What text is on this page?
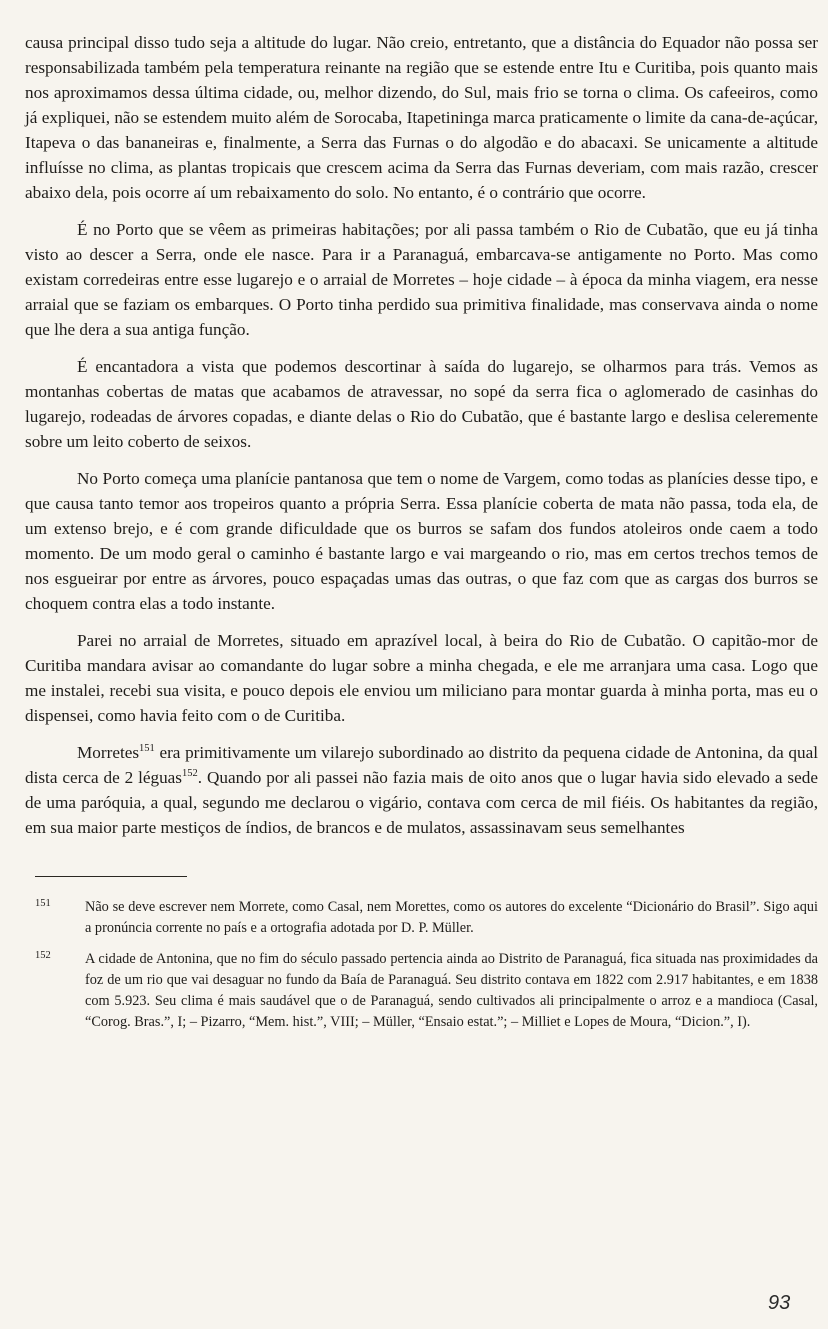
causa principal disso tudo seja a altitude do lugar. Não creio, entretanto, que a distância do Equador não possa ser responsabilizada também pela temperatura reinante na região que se estende entre Itu e Curitiba, pois quanto mais nos aproximamos dessa última cidade, ou, melhor dizendo, do Sul, mais frio se torna o clima. Os cafeeiros, como já expliquei, não se estendem muito além de Sorocaba, Itapetininga marca praticamente o limite da cana-de-açúcar, Itapeva o das bananeiras e, finalmente, a Serra das Furnas o do algodão e do abacaxi. Se unicamente a altitude influísse no clima, as plantas tropicais que crescem acima da Serra das Furnas deveriam, com mais razão, crescer abaixo dela, pois ocorre aí um rebaixamento do solo. No entanto, é o contrário que ocorre.

É no Porto que se vêem as primeiras habitações; por ali passa também o Rio de Cubatão, que eu já tinha visto ao descer a Serra, onde ele nasce. Para ir a Paranaguá, embarcava-se antigamente no Porto. Mas como existam corredeiras entre esse lugarejo e o arraial de Morretes – hoje cidade – à época da minha viagem, era nesse arraial que se faziam os embarques. O Porto tinha perdido sua primitiva finalidade, mas conservava ainda o nome que lhe dera a sua antiga função.

É encantadora a vista que podemos descortinar à saída do lugarejo, se olharmos para trás. Vemos as montanhas cobertas de matas que acabamos de atravessar, no sopé da serra fica o aglomerado de casinhas do lugarejo, rodeadas de árvores copadas, e diante delas o Rio do Cubatão, que é bastante largo e deslisa celeremente sobre um leito coberto de seixos.

No Porto começa uma planície pantanosa que tem o nome de Vargem, como todas as planícies desse tipo, e que causa tanto temor aos tropeiros quanto a própria Serra. Essa planície coberta de mata não passa, toda ela, de um extenso brejo, e é com grande dificuldade que os burros se safam dos fundos atoleiros onde caem a todo momento. De um modo geral o caminho é bastante largo e vai margeando o rio, mas em certos trechos temos de nos esgueirar por entre as árvores, pouco espaçadas umas das outras, o que faz com que as cargas dos burros se choquem contra elas a todo instante.

Parei no arraial de Morretes, situado em aprazível local, à beira do Rio de Cubatão. O capitão-mor de Curitiba mandara avisar ao comandante do lugar sobre a minha chegada, e ele me arranjara uma casa. Logo que me instalei, recebi sua visita, e pouco depois ele enviou um miliciano para montar guarda à minha porta, mas eu o dispensei, como havia feito com o de Curitiba.

Morretes$^{151}$ era primitivamente um vilarejo subordinado ao distrito da pequena cidade de Antonina, da qual dista cerca de 2 léguas$^{152}$. Quando por ali passei não fazia mais de oito anos que o lugar havia sido elevado a sede de uma paróquia, a qual, segundo me declarou o vigário, contava com cerca de mil fiéis. Os habitantes da região, em sua maior parte mestiços de índios, de brancos e de mulatos, assassinavam seus semelhantes

151 Não se deve escrever nem Morrete, como Casal, nem Morettes, como os autores do excelente “Dicionário do Brasil”. Sigo aqui a pronúncia corrente no país e a ortografia adotada por D. P. Müller.
152 A cidade de Antonina, que no fim do século passado pertencia ainda ao Distrito de Paranaguá, fica situada nas proximidades da foz de um rio que vai desaguar no fundo da Baía de Paranaguá. Seu distrito contava em 1822 com 2.917 habitantes, e em 1838 com 5.923. Seu clima é mais saudável que o de Paranaguá, sendo cultivados ali principalmente o arroz e a mandioca (Casal, “Corog. Bras.”, I; – Pizarro, “Mem. hist.”, VIII; – Müller, “Ensaio estat.”; – Milliet e Lopes de Moura, “Dicion.”, I).
93
